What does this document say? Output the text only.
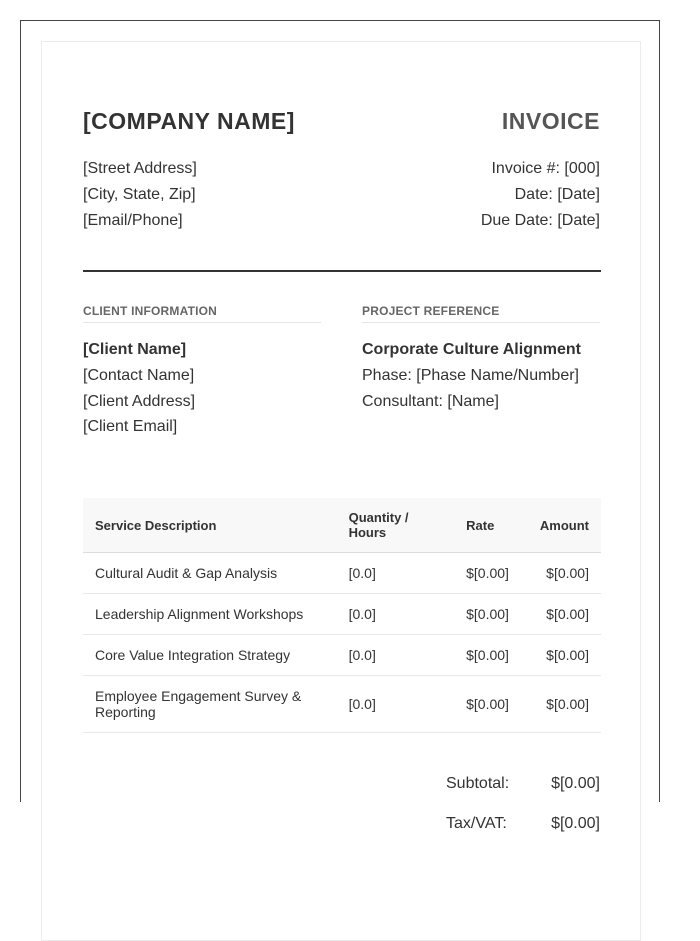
[COMPANY NAME]	INVOICE
[Street Address]
[City, State, Zip]
[Email/Phone]
Invoice #: [000]
Date: [Date]
Due Date: [Date]
CLIENT INFORMATION
[Client Name]
[Contact Name]
[Client Address]
[Client Email]
PROJECT REFERENCE
Corporate Culture Alignment
Phase: [Phase Name/Number]
Consultant: [Name]
Service Description	Quantity / Hours	Rate	Amount
Cultural Audit & Gap Analysis	[0.0]	$[0.00]	$[0.00]
Leadership Alignment Workshops	[0.0]	$[0.00]	$[0.00]
Core Value Integration Strategy	[0.0]	$[0.00]	$[0.00]
Employee Engagement Survey & Reporting	[0.0]	$[0.00]	$[0.00]
Subtotal:	$[0.00]
Tax/VAT:	$[0.00]
